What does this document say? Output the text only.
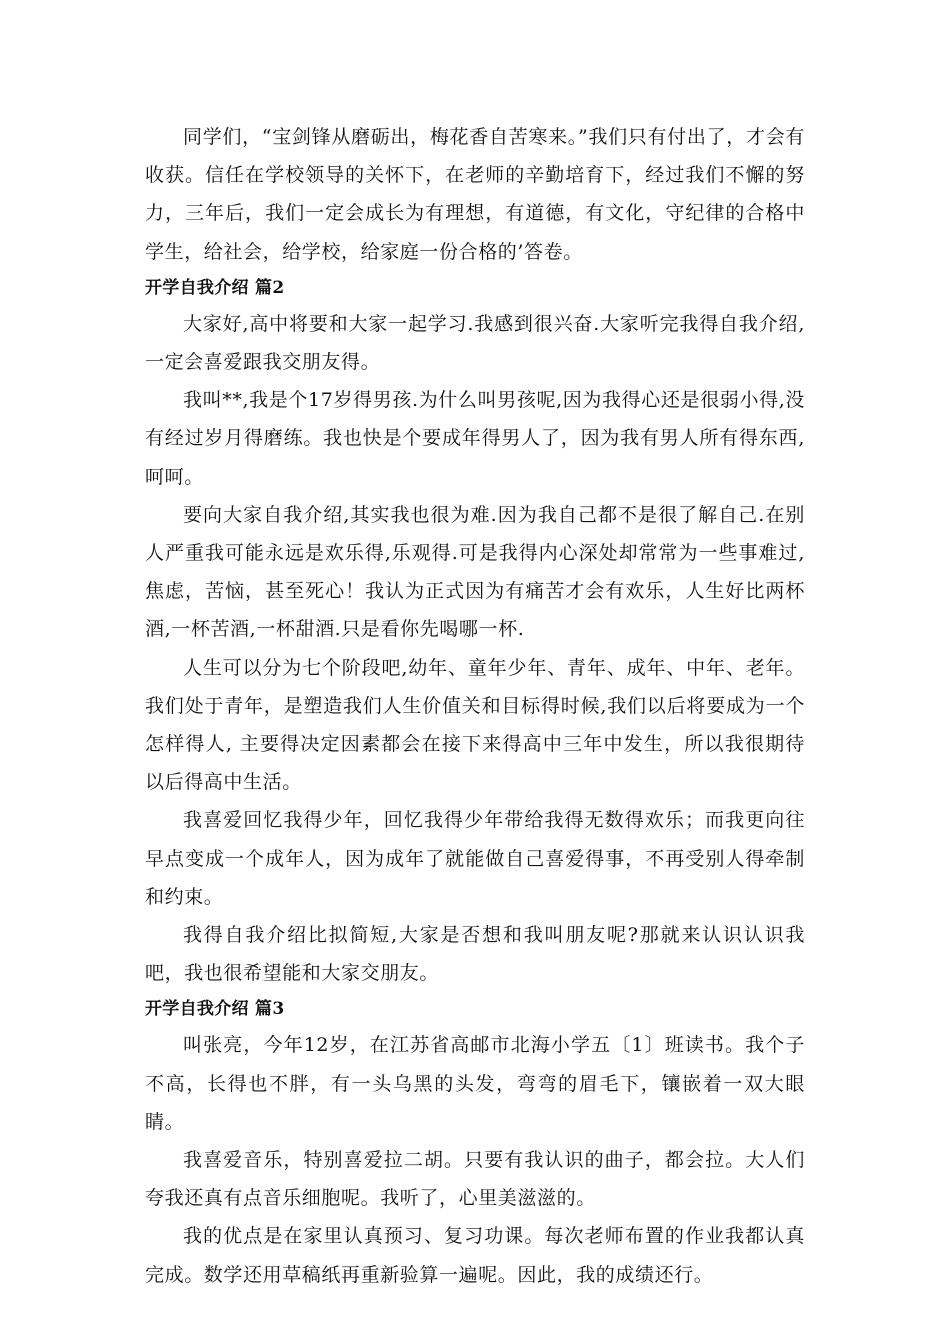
同学们，“宝剑锋从磨砺出，梅花香自苦寒来。”我们只有付出了，才会有收获。信任在学校领导的关怀下，在老师的辛勤培育下，经过我们不懈的努力，三年后，我们一定会成长为有理想，有道德，有文化，守纪律的合格中学生，给社会，给学校，给家庭一份合格的’答卷。

开学自我介绍 篇2

大家好,高中将要和大家一起学习.我感到很兴奋.大家听完我得自我介绍,一定会喜爱跟我交朋友得。

我叫**,我是个17岁得男孩.为什么叫男孩呢,因为我得心还是很弱小得,没有经过岁月得磨练。我也快是个要成年得男人了，因为我有男人所有得东西,呵呵。

要向大家自我介绍,其实我也很为难.因为我自己都不是很了解自己.在别人严重我可能永远是欢乐得,乐观得.可是我得内心深处却常常为一些事难过,焦虑，苦恼，甚至死心！我认为正式因为有痛苦才会有欢乐，人生好比两杯酒,一杯苦酒,一杯甜酒.只是看你先喝哪一杯.

人生可以分为七个阶段吧,幼年、童年少年、青年、成年、中年、老年。我们处于青年，是塑造我们人生价值关和目标得时候,我们以后将要成为一个怎样得人, 主要得决定因素都会在接下来得高中三年中发生，所以我很期待以后得高中生活。

我喜爱回忆我得少年，回忆我得少年带给我得无数得欢乐；而我更向往早点变成一个成年人，因为成年了就能做自己喜爱得事，不再受别人得牵制和约束。

我得自我介绍比拟简短,大家是否想和我叫朋友呢?那就来认识认识我吧，我也很希望能和大家交朋友。

开学自我介绍 篇3

叫张亮，今年12岁，在江苏省高邮市北海小学五〔1〕班读书。我个子不高，长得也不胖，有一头乌黑的头发，弯弯的眉毛下，镶嵌着一双大眼睛。

我喜爱音乐，特别喜爱拉二胡。只要有我认识的曲子，都会拉。大人们夸我还真有点音乐细胞呢。我听了，心里美滋滋的。

我的优点是在家里认真预习、复习功课。每次老师布置的作业我都认真完成。数学还用草稿纸再重新验算一遍呢。因此，我的成绩还行。
